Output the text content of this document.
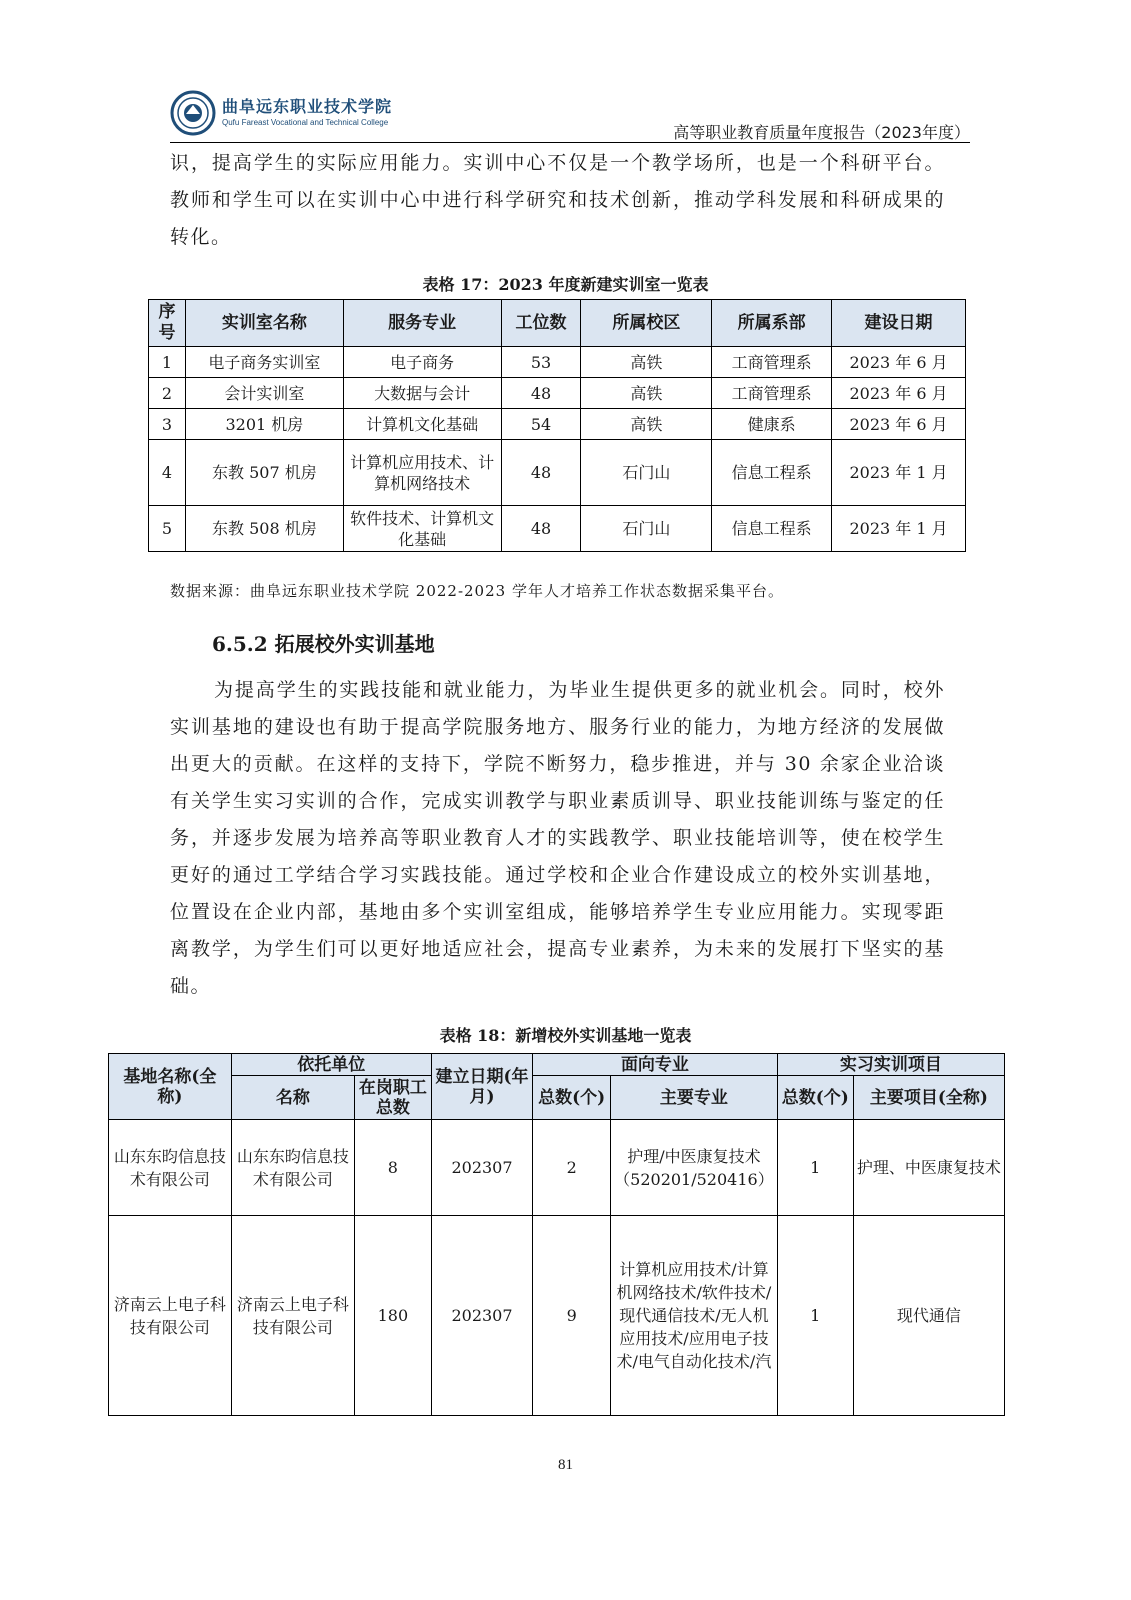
曲阜远东职业技术学院
Qufu Fareast Vocational and Technical College
高等职业教育质量年度报告（2023年度）

识，提高学生的实际应用能力。实训中心不仅是一个教学场所，也是一个科研平台。教师和学生可以在实训中心中进行科学研究和技术创新，推动学科发展和科研成果的转化。

表格 17：2023 年度新建实训室一览表
序号	实训室名称	服务专业	工位数	所属校区	所属系部	建设日期
1	电子商务实训室	电子商务	53	高铁	工商管理系	2023 年 6 月
2	会计实训室	大数据与会计	48	高铁	工商管理系	2023 年 6 月
3	3201 机房	计算机文化基础	54	高铁	健康系	2023 年 6 月
4	东教 507 机房	计算机应用技术、计算机网络技术	48	石门山	信息工程系	2023 年 1 月
5	东教 508 机房	软件技术、计算机文化基础	48	石门山	信息工程系	2023 年 1 月
数据来源：曲阜远东职业技术学院 2022-2023 学年人才培养工作状态数据采集平台。
6.5.2 拓展校外实训基地

为提高学生的实践技能和就业能力，为毕业生提供更多的就业机会。同时，校外实训基地的建设也有助于提高学院服务地方、服务行业的能力，为地方经济的发展做出更大的贡献。在这样的支持下，学院不断努力，稳步推进，并与 30 余家企业洽谈有关学生实习实训的合作，完成实训教学与职业素质训导、职业技能训练与鉴定的任务，并逐步发展为培养高等职业教育人才的实践教学、职业技能培训等，使在校学生更好的通过工学结合学习实践技能。通过学校和企业合作建设成立的校外实训基地，位置设在企业内部，基地由多个实训室组成，能够培养学生专业应用能力。实现零距离教学，为学生们可以更好地适应社会，提高专业素养，为未来的发展打下坚实的基础。

表格 18：新增校外实训基地一览表
基地名称(全称)	依托单位		建立日期(年月)	面向专业		实习实训项目	
	名称	在岗职工总数		总数(个)	主要专业	总数(个)	主要项目(全称)
山东东昀信息技术有限公司	山东东昀信息技术有限公司	8	202307	2	护理/中医康复技术（520201/520416）	1	护理、中医康复技术
济南云上电子科技有限公司	济南云上电子科技有限公司	180	202307	9	计算机应用技术/计算机网络技术/软件技术/现代通信技术/无人机应用技术/应用电子技术/电气自动化技术/汽	1	现代通信
81
